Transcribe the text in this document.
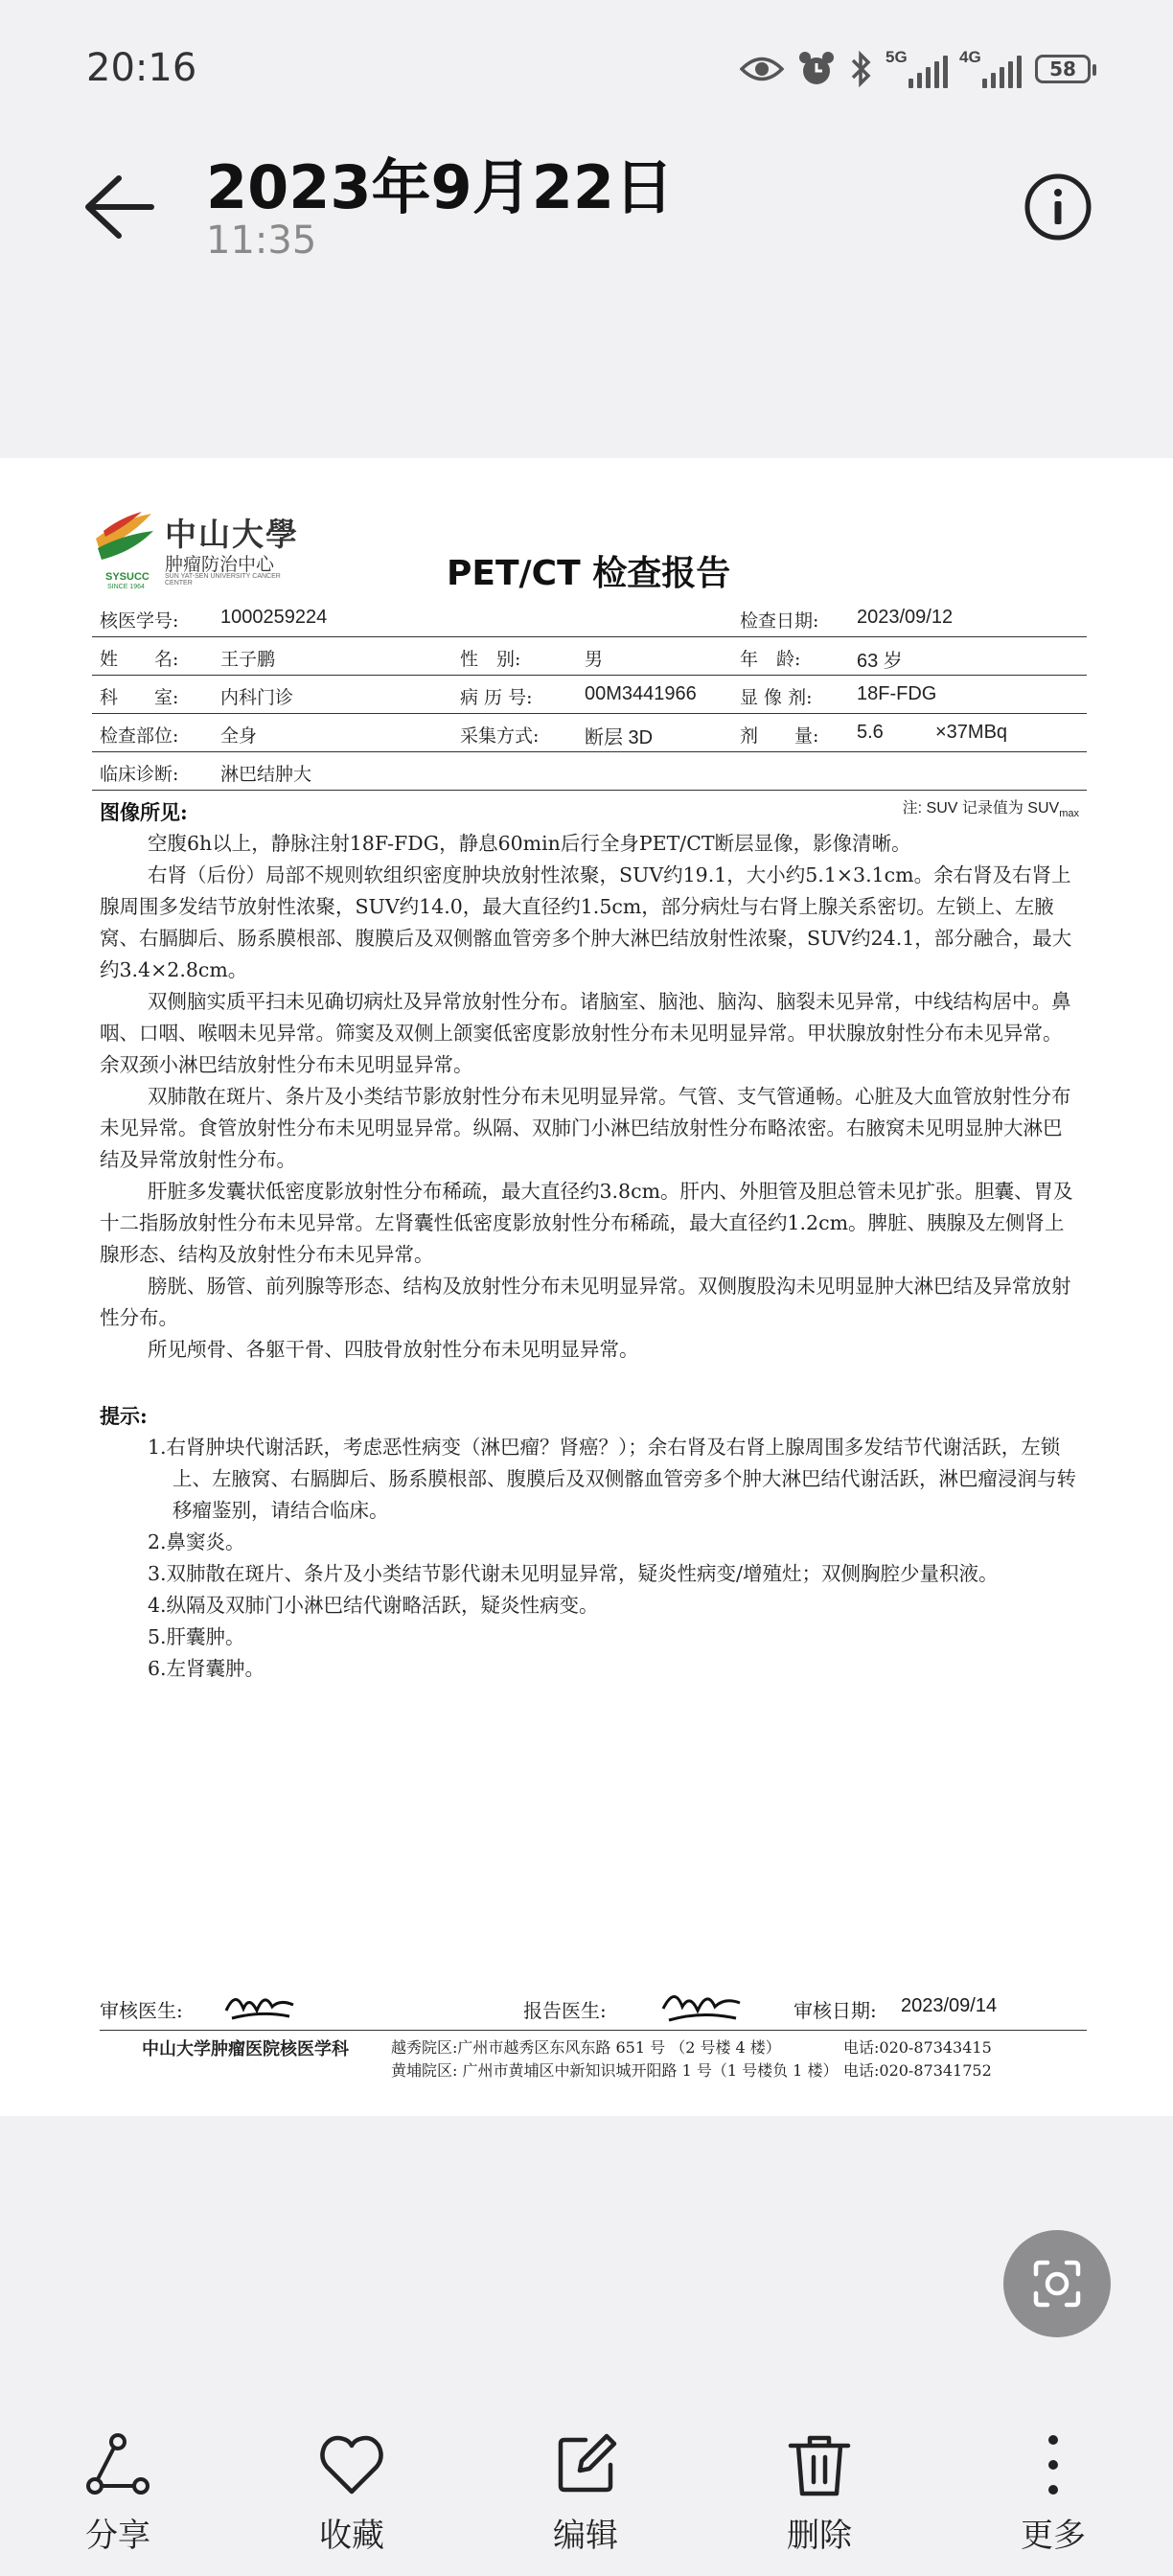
20:16	5G	4G
58
2023年9月22日
11:35
中山大學
肿瘤防治中心
SUN YAT-SEN UNIVERSITY CANCER CENTER
SYSUCC
SINCE 1964	PET/CT 检查报告
核医学号: 1000259224	检查日期: 2023/09/12
姓　　名: 王子鹏	性　别:	男	年　龄:	63 岁
科　　室: 内科门诊	病 历 号:	00M3441966 显 像 剂: 18F-FDG
检查部位: 全身	采集方式: 断层 3D	剂　　量: 5.6	×37MBq
临床诊断: 淋巴结肿大
图像所见:	注: SUV 记录值为 $SUV_{max}$

空腹6h以上，静脉注射18F-FDG，静息60min后行全身PET/CT断层显像，影像清晰。

右肾（后份）局部不规则软组织密度肿块放射性浓聚，SUV约19.1，大小约5.1×3.1cm。余右肾及右肾上腺周围多发结节放射性浓聚，SUV约14.0，最大直径约1.5cm，部分病灶与右肾上腺关系密切。左锁上、左腋窝、右膈脚后、肠系膜根部、腹膜后及双侧髂血管旁多个肿大淋巴结放射性浓聚，SUV约24.1，部分融合，最大约3.4×2.8cm。

双侧脑实质平扫未见确切病灶及异常放射性分布。诸脑室、脑池、脑沟、脑裂未见异常，中线结构居中。鼻咽、口咽、喉咽未见异常。筛窦及双侧上颌窦低密度影放射性分布未见明显异常。甲状腺放射性分布未见异常。余双颈小淋巴结放射性分布未见明显异常。

双肺散在斑片、条片及小类结节影放射性分布未见明显异常。气管、支气管通畅。心脏及大血管放射性分布未见异常。食管放射性分布未见明显异常。纵隔、双肺门小淋巴结放射性分布略浓密。右腋窝未见明显肿大淋巴结及异常放射性分布。

肝脏多发囊状低密度影放射性分布稀疏，最大直径约3.8cm。肝内、外胆管及胆总管未见扩张。胆囊、胃及十二指肠放射性分布未见异常。左肾囊性低密度影放射性分布稀疏，最大直径约1.2cm。脾脏、胰腺及左侧肾上腺形态、结构及放射性分布未见异常。

膀胱、肠管、前列腺等形态、结构及放射性分布未见明显异常。双侧腹股沟未见明显肿大淋巴结及异常放射性分布。

所见颅骨、各躯干骨、四肢骨放射性分布未见明显异常。

提示:

1.右肾肿块代谢活跃，考虑恶性病变（淋巴瘤？肾癌？）；余右肾及右肾上腺周围多发结节代谢活跃，左锁上、左腋窝、右膈脚后、肠系膜根部、腹膜后及双侧髂血管旁多个肿大淋巴结代谢活跃，淋巴瘤浸润与转移瘤鉴别，请结合临床。

2.鼻窦炎。

3.双肺散在斑片、条片及小类结节影代谢未见明显异常，疑炎性病变/增殖灶；双侧胸腔少量积液。

4.纵隔及双肺门小淋巴结代谢略活跃，疑炎性病变。

5.肝囊肿。

6.左肾囊肿。

审核医生:	报告医生:	审核日期: 2023/09/14
中山大学肿瘤医院核医学科	越秀院区:广州市越秀区东风东路 651 号 （2 号楼 4 楼）
黄埔院区: 广州市黄埔区中新知识城开阳路 1 号（1 号楼负 1 楼）
电话:020-87343415
电话:020-87341752
分享	收藏	编辑	删除	更多
